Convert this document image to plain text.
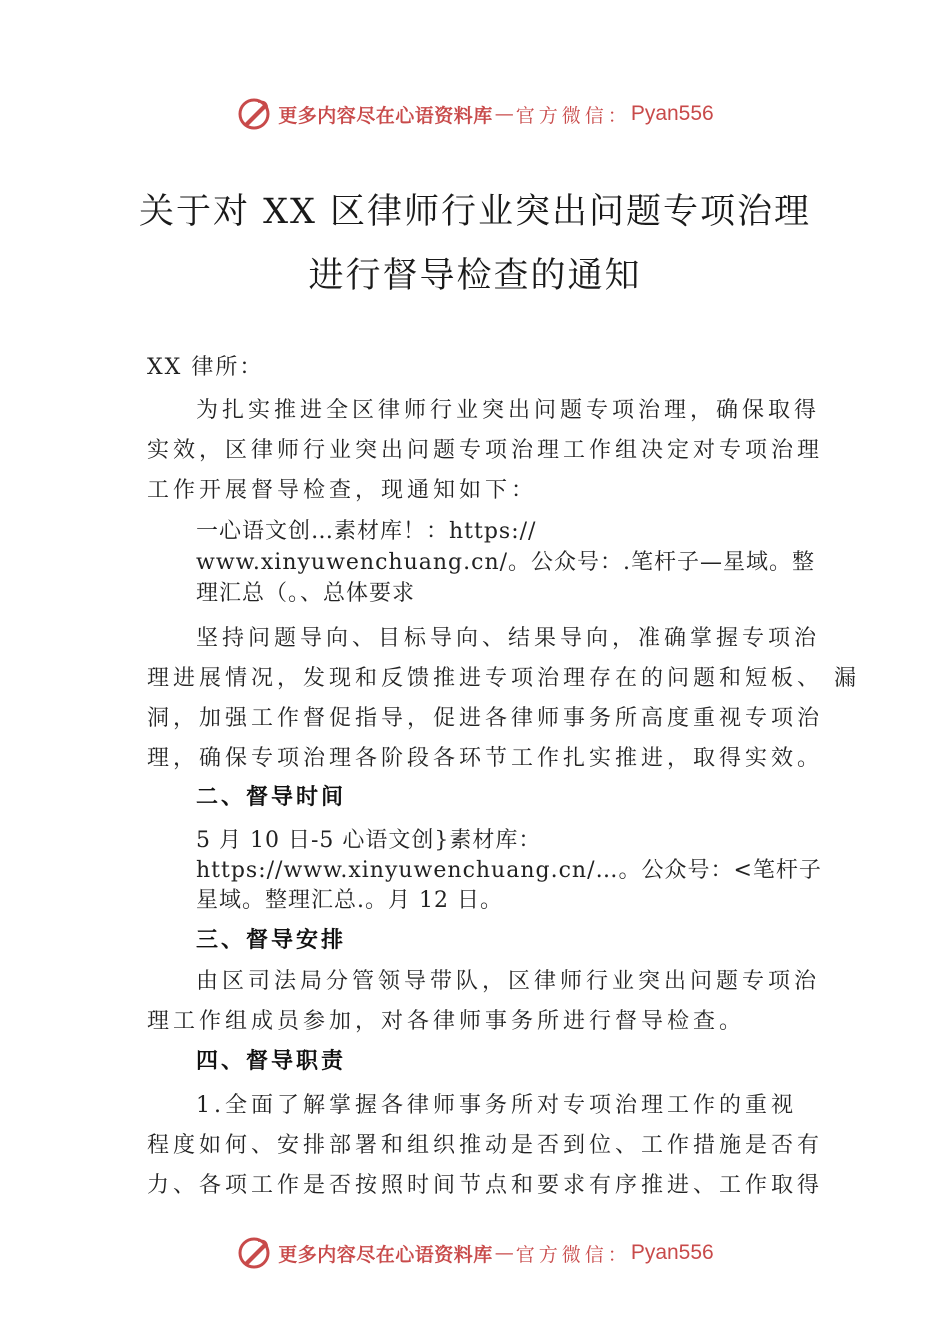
更多内容尽在心语资料库 — 官方微信： Pyan556
关于对 XX 区律师行业突出问题专项治理
进行督导检查的通知
XX 律所：
为扎实推进全区律师行业突出问题专项治理，确保取得
实效，区律师行业突出问题专项治理工作组决定对专项治理
工作开展督导检查，现通知如下：
一心语文创…素材库！：https://
www.xinyuwenchuang.cn/。公众号：.笔杆子—星域。整
理汇总（。、总体要求
坚持问题导向、目标导向、结果导向，准确掌握专项治
理进展情况，发现和反馈推进专项治理存在的问题和短板、 漏
洞，加强工作督促指导，促进各律师事务所高度重视专项治
理，确保专项治理各阶段各环节工作扎实推进，取得实效。
二、督导时间
5 月 10 日-5 心语文创}素材库：
https://www.xinyuwenchuang.cn/…。公众号：<笔杆子
星域。整理汇总.。月 12 日。
三、督导安排
由区司法局分管领导带队，区律师行业突出问题专项治
理工作组成员参加，对各律师事务所进行督导检查。
四、督导职责
1.全面了解掌握各律师事务所对专项治理工作的重视
程度如何、安排部署和组织推动是否到位、工作措施是否有
力、各项工作是否按照时间节点和要求有序推进、工作取得
更多内容尽在心语资料库 — 官方微信： Pyan556
